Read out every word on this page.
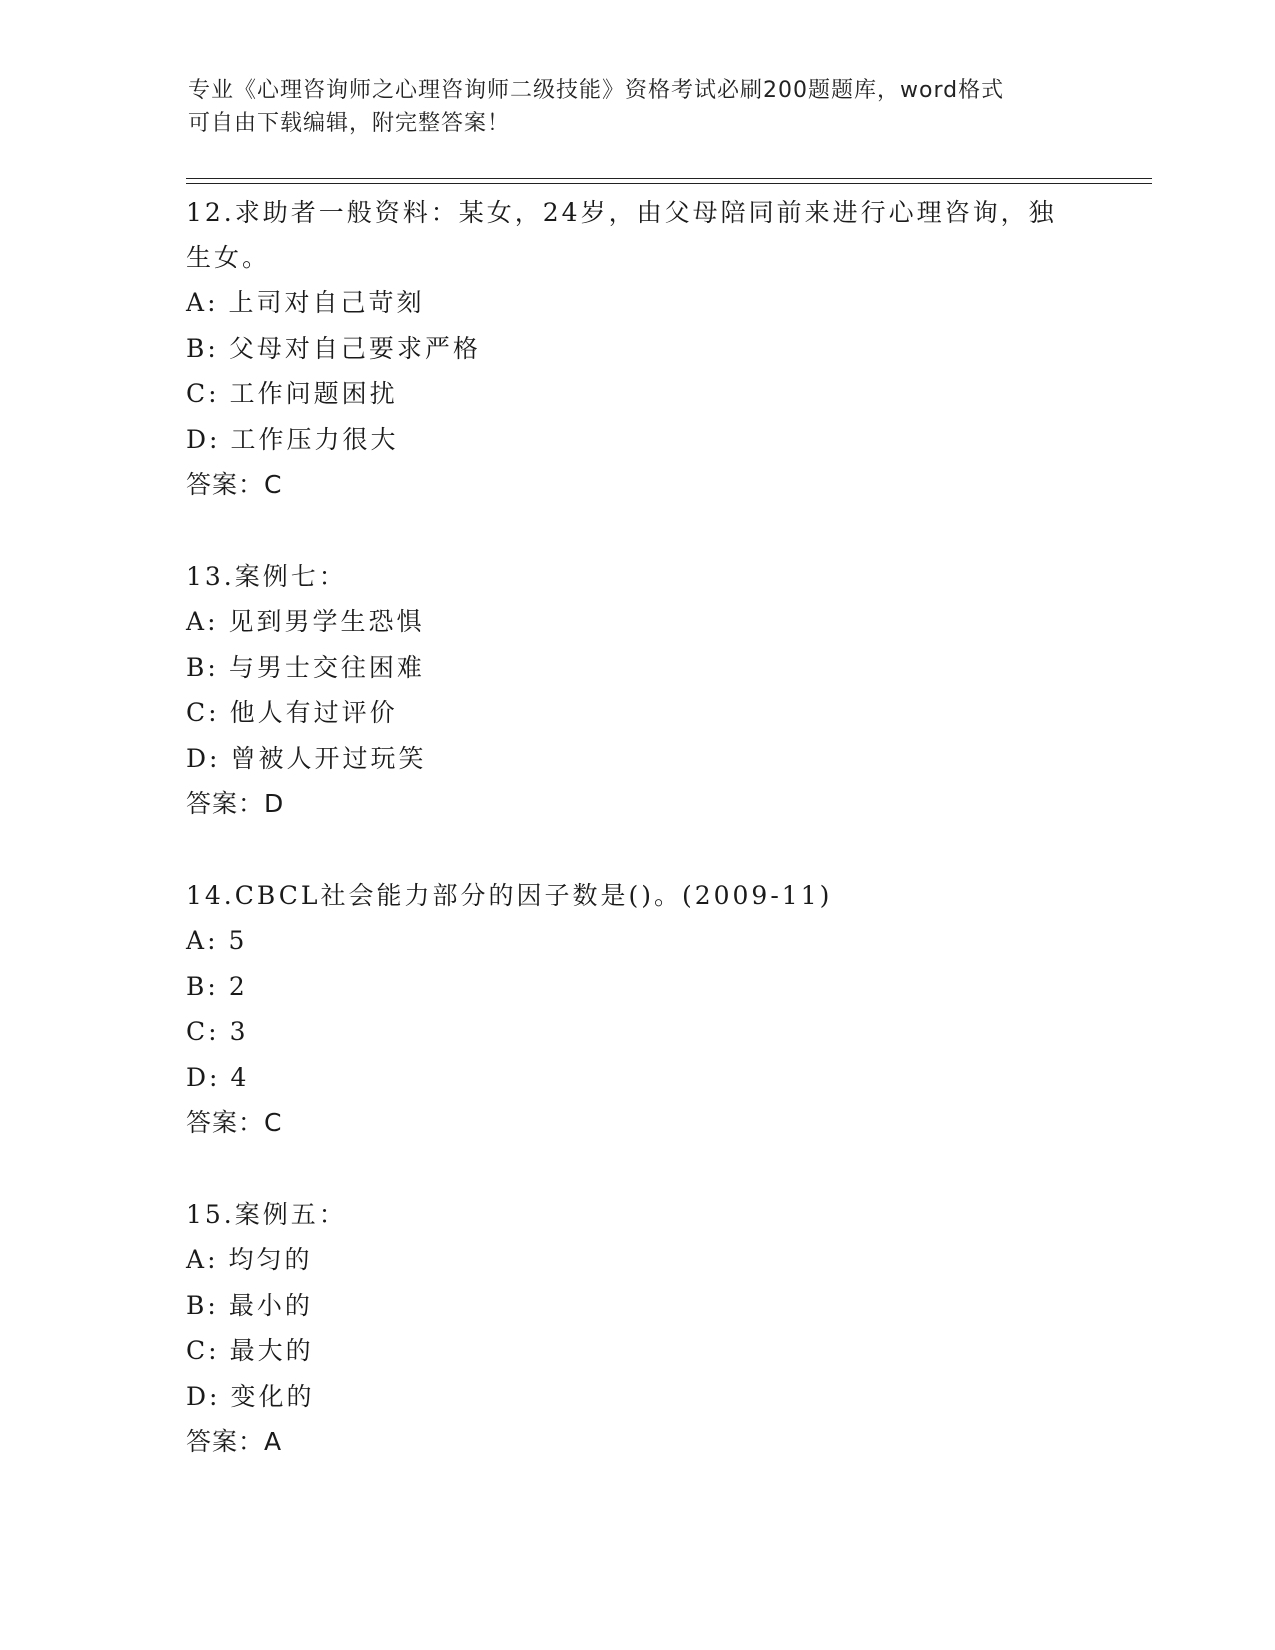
专业《心理咨询师之心理咨询师二级技能》资格考试必刷200题题库，word格式
可自由下载编辑，附完整答案！
12.求助者一般资料：某女，24岁，由父母陪同前来进行心理咨询，独
生女。
A: 上司对自己苛刻
B: 父母对自己要求严格
C: 工作问题困扰
D: 工作压力很大
答案：C
13.案例七：
A: 见到男学生恐惧
B: 与男士交往困难
C: 他人有过评价
D: 曾被人开过玩笑
答案：D
14.CBCL社会能力部分的因子数是()。(2009-11)
A: 5
B: 2
C: 3
D: 4
答案：C
15.案例五：
A: 均匀的
B: 最小的
C: 最大的
D: 变化的
答案：A
